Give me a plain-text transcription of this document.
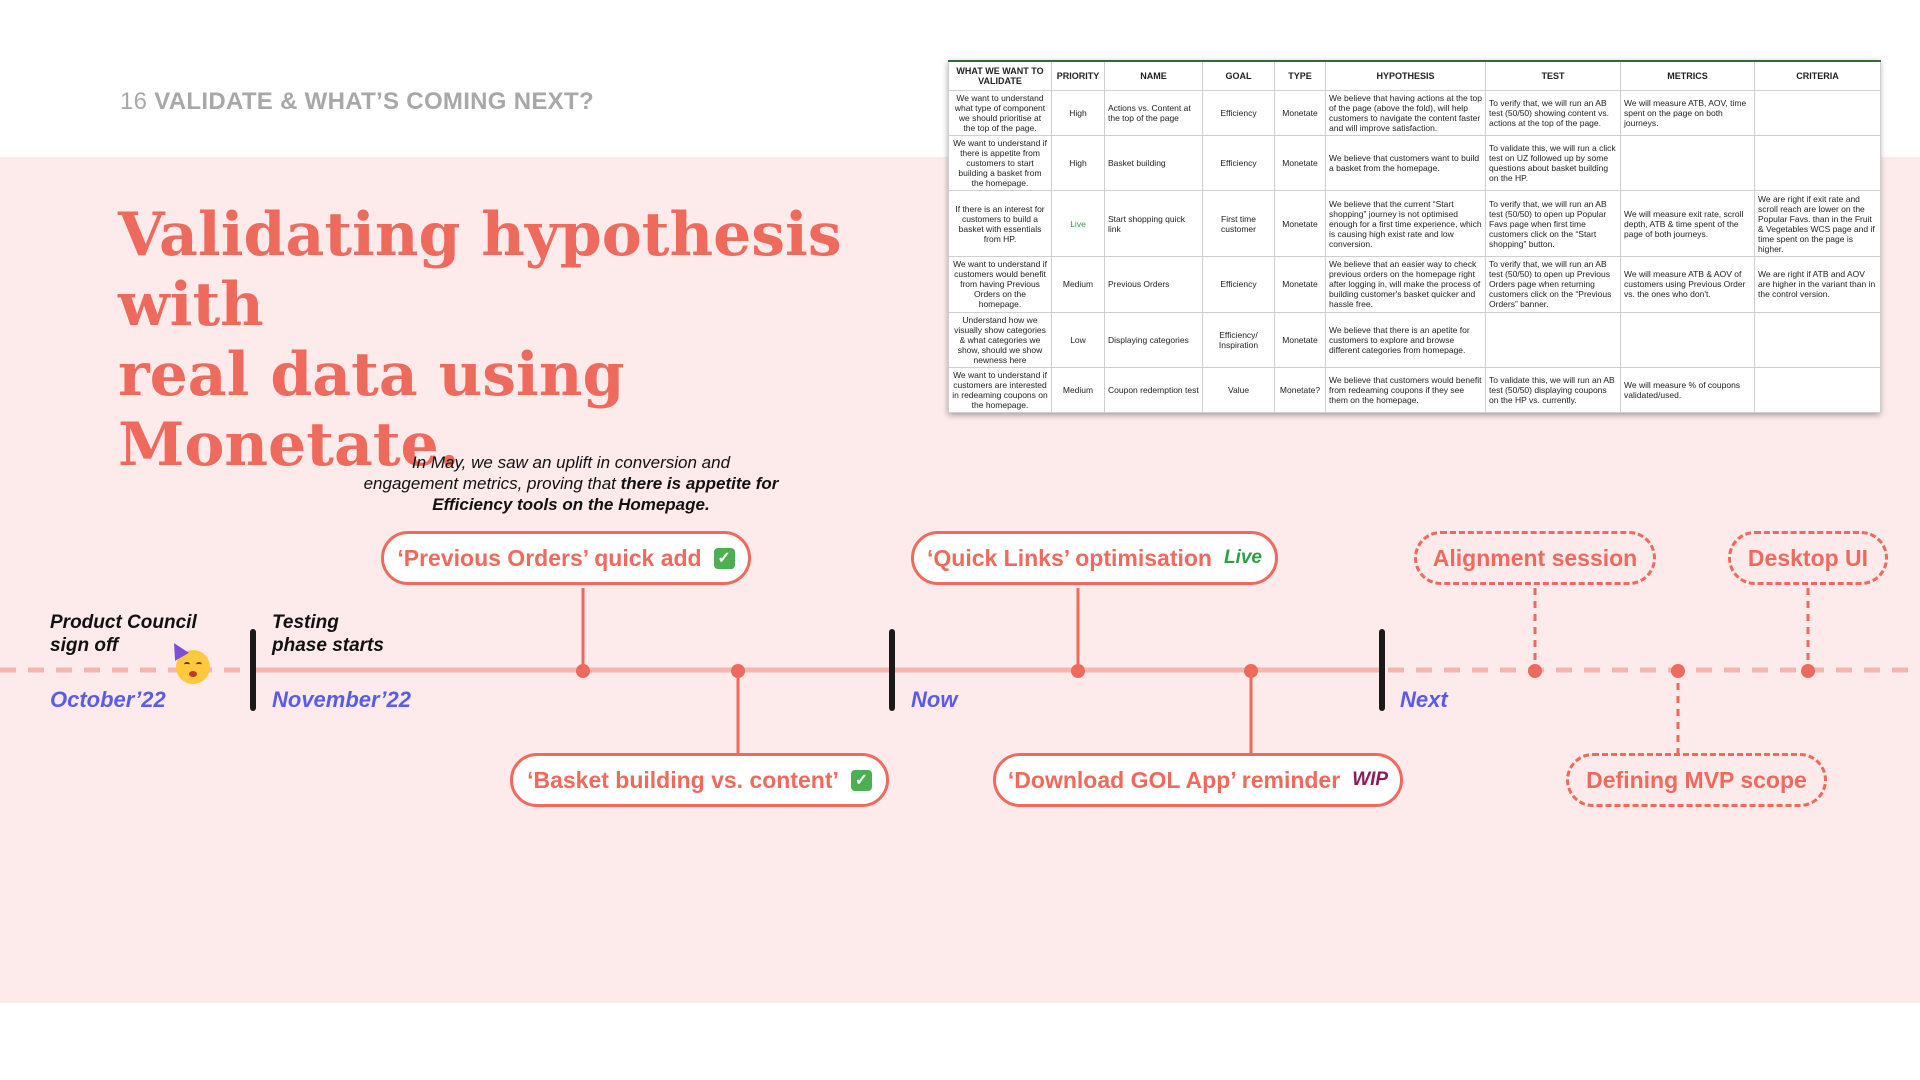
16 VALIDATE & WHAT’S COMING NEXT?
Validating hypothesis with
real data using Monetate.
WHAT WE WANT TO VALIDATE	PRIORITY	NAME	GOAL	TYPE	HYPOTHESIS	TEST	METRICS	CRITERIA
We want to understand what type of component we should prioritise at the top of the page.	High	Actions vs. Content at the top of the page	Efficiency	Monetate	We believe that having actions at the top of the page (above the fold), will help customers to navigate the content faster and will improve satisfaction.	To verify that, we will run an AB test (50/50) showing content vs. actions at the top of the page.	We will measure ATB, AOV, time spent on the page on both journeys.	
We want to understand if there is appetite from customers to start building a basket from the homepage.	High	Basket building	Efficiency	Monetate	We believe that customers want to build a basket from the homepage.	To validate this, we will run a click test on UZ followed up by some questions about basket building on the HP.		
If there is an interest for customers to build a basket with essentials from HP.	Live	Start shopping quick link	First time customer	Monetate	We believe that the current “Start shopping” journey is not optimised enough for a first time experience, which is causing high exist rate and low conversion.	To verify that, we will run an AB test (50/50) to open up Popular Favs page when first time customers click on the “Start shopping” button.	We will measure exit rate, scroll depth, ATB & time spent of the page of both journeys.	We are right if exit rate and scroll reach are lower on the Popular Favs. than in the Fruit & Vegetables WCS page and if time spent on the page is higher.
We want to understand if customers would benefit from having Previous Orders on the homepage.	Medium	Previous Orders	Efficiency	Monetate	We believe that an easier way to check previous orders on the homepage right after logging in, will make the process of building customer's basket quicker and hassle free.	To verify that, we will run an AB test (50/50) to open up Previous Orders page when returning customers click on the “Previous Orders” banner.	We will measure ATB & AOV of customers using Previous Order vs. the ones who don't.	We are right if ATB and AOV are higher in the variant than in the control version.
Understand how we visually show categories & what categories we show, should we show newness here	Low	Displaying categories	Efficiency/ Inspiration	Monetate	We believe that there is an apetite for customers to explore and browse different categories from homepage.			
We want to understand if customers are interested in redeaming coupons on the homepage.	Medium	Coupon redemption test	Value	Monetate?	We believe that customers would benefit from redeaming coupons if they see them on the homepage.	To validate this, we will run an AB test (50/50) displaying coupons on the HP vs. currently.	We will measure % of coupons validated/used.	
In May, we saw an uplift in conversion and
engagement metrics, proving that there is appetite for
Efficiency tools on the Homepage.
Product Council
sign off
Testing
phase starts
October’22	November’22	Now	Next
‘Previous Orders’ quick add ✓
‘Basket building vs. content’ ✓
‘Quick Links’ optimisation Live
‘Download GOL App’ reminder WIP
Alignment session
Defining MVP scope
Desktop UI
